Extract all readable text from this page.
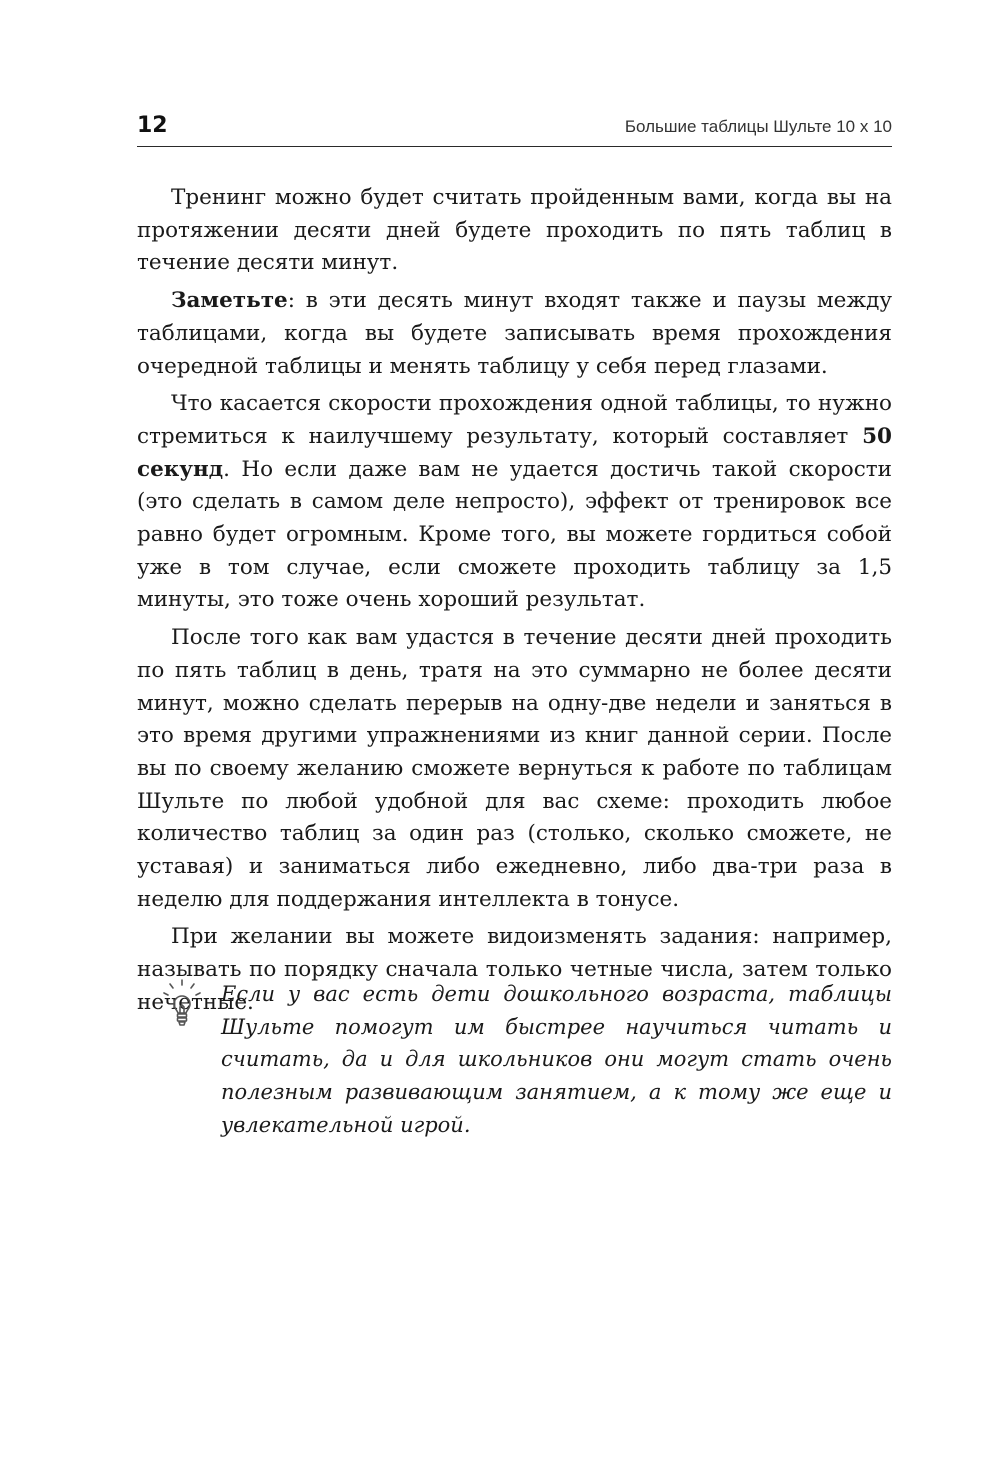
12	Большие таблицы Шульте 10 х 10

Тренинг можно будет считать пройденным вами, когда вы на протяжении десяти дней будете проходить по пять таблиц в течение десяти минут.

Заметьте: в эти десять минут входят также и паузы между таблицами, когда вы будете записывать время прохождения очередной таблицы и менять таблицу у себя перед глазами.

Что касается скорости прохождения одной таблицы, то нужно стремиться к наилучшему результату, который составляет 50 секунд. Но если даже вам не удается достичь такой скорости (это сделать в самом деле непросто), эффект от тренировок все равно будет огромным. Кроме того, вы можете гордиться собой уже в том случае, если сможете проходить таблицу за 1,5 минуты, это тоже очень хороший результат.

После того как вам удастся в течение десяти дней проходить по пять таблиц в день, тратя на это суммарно не более десяти минут, можно сделать перерыв на одну-две недели и заняться в это время другими упражнениями из книг данной серии. После вы по своему желанию сможете вернуться к работе по таблицам Шульте по любой удобной для вас схеме: проходить любое количество таблиц за один раз (столько, сколько сможете, не уставая) и заниматься либо ежедневно, либо два-три раза в неделю для поддержания интеллекта в тонусе.

При желании вы можете видоизменять задания: например, называть по порядку сначала только четные числа, затем только нечетные.

Если у вас есть дети дошкольного возраста, таблицы Шульте помогут им быстрее научиться читать и считать, да и для школьников они могут стать очень полезным развивающим занятием, а к тому же еще и увлекательной игрой.
